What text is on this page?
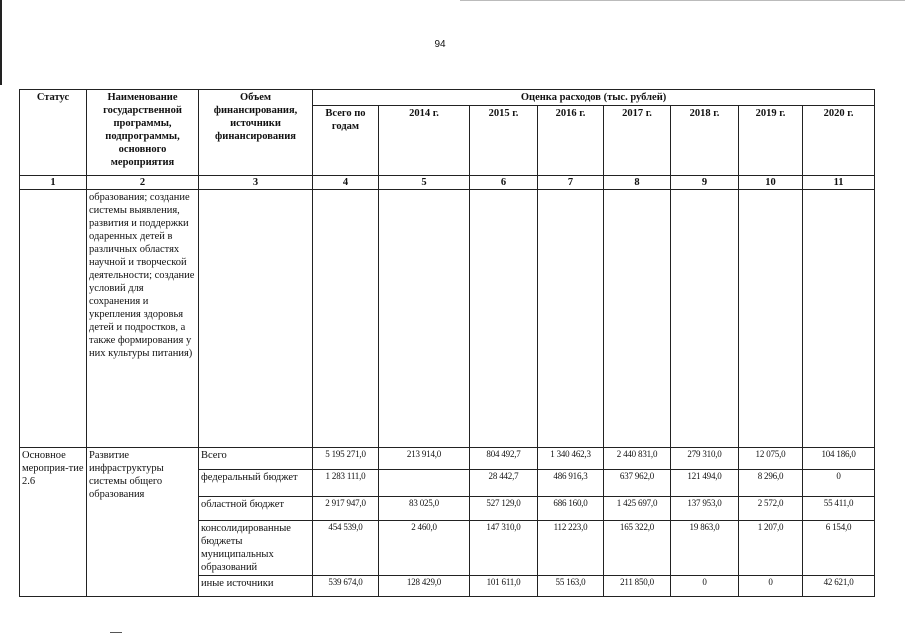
94
Статус	Наименование государственной программы, подпрограммы, основного мероприятия	Объем финансирования, источники финансирования	Оценка расходов (тыс. рублей)							
			Всего по годам	2014 г.	2015 г.	2016 г.	2017 г.	2018 г.	2019 г.	2020 г.
1	2	3	4	5	6	7	8	9	10	11
	образования; создание системы выявления, развития и поддержки одаренных детей в различных областях научной и творческой деятельности; создание условий для сохранения и укрепления здоровья детей и подростков, а также формирования у них культуры питания)									
Основное мероприя-тие 2.6	Развитие инфраструктуры системы общего образования	Всего	5 195 271,0	213 914,0	804 492,7	1 340 462,3	2 440 831,0	279 310,0	12 075,0	104 186,0
		федеральный бюджет	1 283 111,0		28 442,7	486 916,3	637 962,0	121 494,0	8 296,0	0
		областной бюджет	2 917 947,0	83 025,0	527 129,0	686 160,0	1 425 697,0	137 953,0	2 572,0	55 411,0
		консолидированные бюджеты муниципальных образований	454 539,0	2 460,0	147 310,0	112 223,0	165 322,0	19 863,0	1 207,0	6 154,0
		иные источники	539 674,0	128 429,0	101 611,0	55 163,0	211 850,0	0	0	42 621,0
